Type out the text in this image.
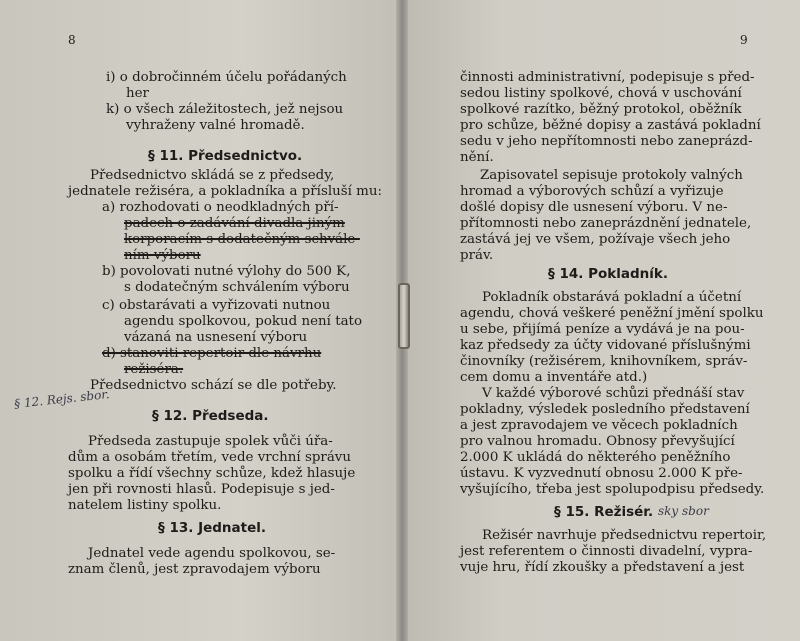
8
i) o dobročinném účelu pořádaných
her
k) o všech záležitostech, jež nejsou
vyhraženy valné hromadě.
§ 11. Předsednictvo.
Předsednictvo skládá se z předsedy,
jednatele režiséra, a pokladníka a přísluší mu:
a) rozhodovati o neodkladných pří-
padech o zadávání divadla jiným
korporacím s dodatečným schvále-
ním výboru
b) povolovati nutné výlohy do 500 K,
s dodatečným schválením výboru
c) obstarávati a vyřizovati nutnou
agendu spolkovou, pokud není tato
vázaná na usnesení výboru
d) stanoviti repertoir dle návrhu
režiséra.
Předsednictvo schází se dle potřeby.
§ 12. Předseda.
Předseda zastupuje spolek vůči úřa-
dům a osobám třetím, vede vrchní správu
spolku a řídí všechny schůze, kdež hlasuje
jen při rovnosti hlasů. Podepisuje s jed-
natelem listiny spolku.
§ 13. Jednatel.
Jednatel vede agendu spolkovou, se-
znam členů, jest zpravodajem výboru
§ 12. Rejs. sbor.
9
činnosti administrativní, podepisuje s před-
sedou listiny spolkové, chová v uschování
spolkové razítko, běžný protokol, oběžník
pro schůze, běžné dopisy a zastává pokladní
sedu v jeho nepřítomnosti nebo zaneprázd-
nění.
Zapisovatel sepisuje protokoly valných
hromad a výborových schůzí a vyřizuje
došlé dopisy dle usnesení výboru. V ne-
přítomnosti nebo zaneprázdnění jednatele,
zastává jej ve všem, požívaje všech jeho
práv.
§ 14. Pokladník.
Pokladník obstarává pokladní a účetní
agendu, chová veškeré peněžní jmění spolku
u sebe, přijímá peníze a vydává je na pou-
kaz předsedy za účty vidované příslušnými
činovníky (režisérem, knihovníkem, správ-
cem domu a inventáře atd.)
V každé výborové schůzi přednáší stav
pokladny, výsledek posledního představení
a jest zpravodajem ve věcech pokladních
pro valnou hromadu. Obnosy převyšující
2.000 K ukládá do některého peněžního
ústavu. K vyzvednutí obnosu 2.000 K pře-
vyšujícího, třeba jest spolupodpisu předsedy.
§ 15. Režisér. sky sbor
Režisér navrhuje předsednictvu repertoir,
jest referentem o činnosti divadelní, vypra-
vuje hru, řídí zkoušky a představení a jest
